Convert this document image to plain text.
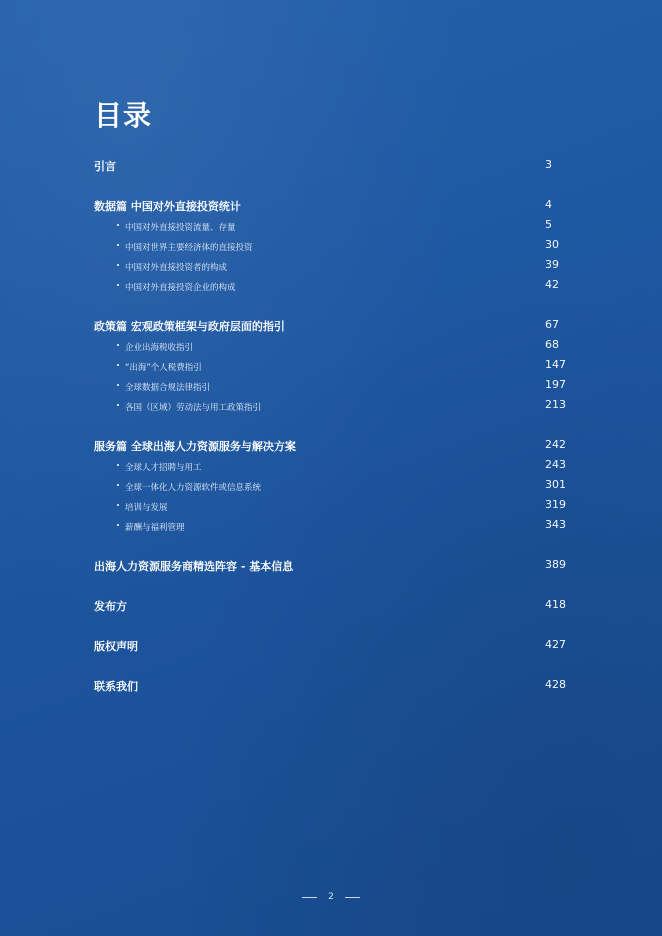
目录
引言	3
数据篇 中国对外直接投资统计	4
中国对外直接投资流量、存量	5
中国对世界主要经济体的直接投资	30
中国对外直接投资者的构成	39
中国对外直接投资企业的构成	42
政策篇 宏观政策框架与政府层面的指引	67
企业出海税收指引	68
“出海”个人税费指引	147
全球数据合规法律指引	197
各国（区域）劳动法与用工政策指引	213
服务篇 全球出海人力资源服务与解决方案	242
全球人才招聘与用工	243
全球一体化人力资源软件或信息系统	301
培训与发展	319
薪酬与福利管理	343
出海人力资源服务商精选阵容 - 基本信息	389
发布方	418
版权声明	427
联系我们	428
2
